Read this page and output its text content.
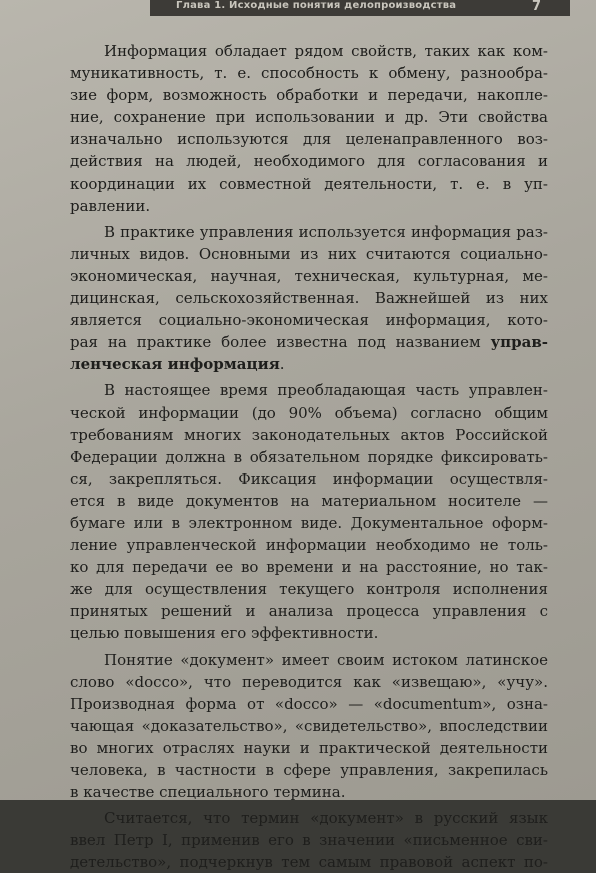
Глава 1. Исходные понятия делопроизводства	7
Информация обладает рядом свойств, таких как ком-
муникативность, т. е. способность к обмену, разнообра-
зие форм, возможность обработки и передачи, накопле-
ние, сохранение при использовании и др. Эти свойства
изначально используются для целенаправленного воз-
действия на людей, необходимого для согласования и
координации их совместной деятельности, т. е. в уп-
равлении.
В практике управления используется информация раз-
личных видов. Основными из них считаются социально-
экономическая, научная, техническая, культурная, ме-
дицинская, сельскохозяйственная. Важнейшей из них
является социально-экономическая информация, кото-
рая на практике более известна под названием управ-
ленческая информация.
В настоящее время преобладающая часть управлен-
ческой информации (до 90% объема) согласно общим
требованиям многих законодательных актов Российской
Федерации должна в обязательном порядке фиксировать-
ся, закрепляться. Фиксация информации осуществля-
ется в виде документов на материальном носителе —
бумаге или в электронном виде. Документальное оформ-
ление управленческой информации необходимо не толь-
ко для передачи ее во времени и на расстояние, но так-
же для осуществления текущего контроля исполнения
принятых решений и анализа процесса управления с
целью повышения его эффективности.
Понятие «документ» имеет своим истоком латинское
слово «docco», что переводится как «извещаю», «учу».
Производная форма от «docco» — «documentum», озна-
чающая «доказательство», «свидетельство», впоследствии
во многих отраслях науки и практической деятельности
человека, в частности в сфере управления, закрепилась
в качестве специального термина.
Считается, что термин «документ» в русский язык
ввел Петр I, применив его в значении «письменное сви-
детельство», подчеркнув тем самым правовой аспект по-
